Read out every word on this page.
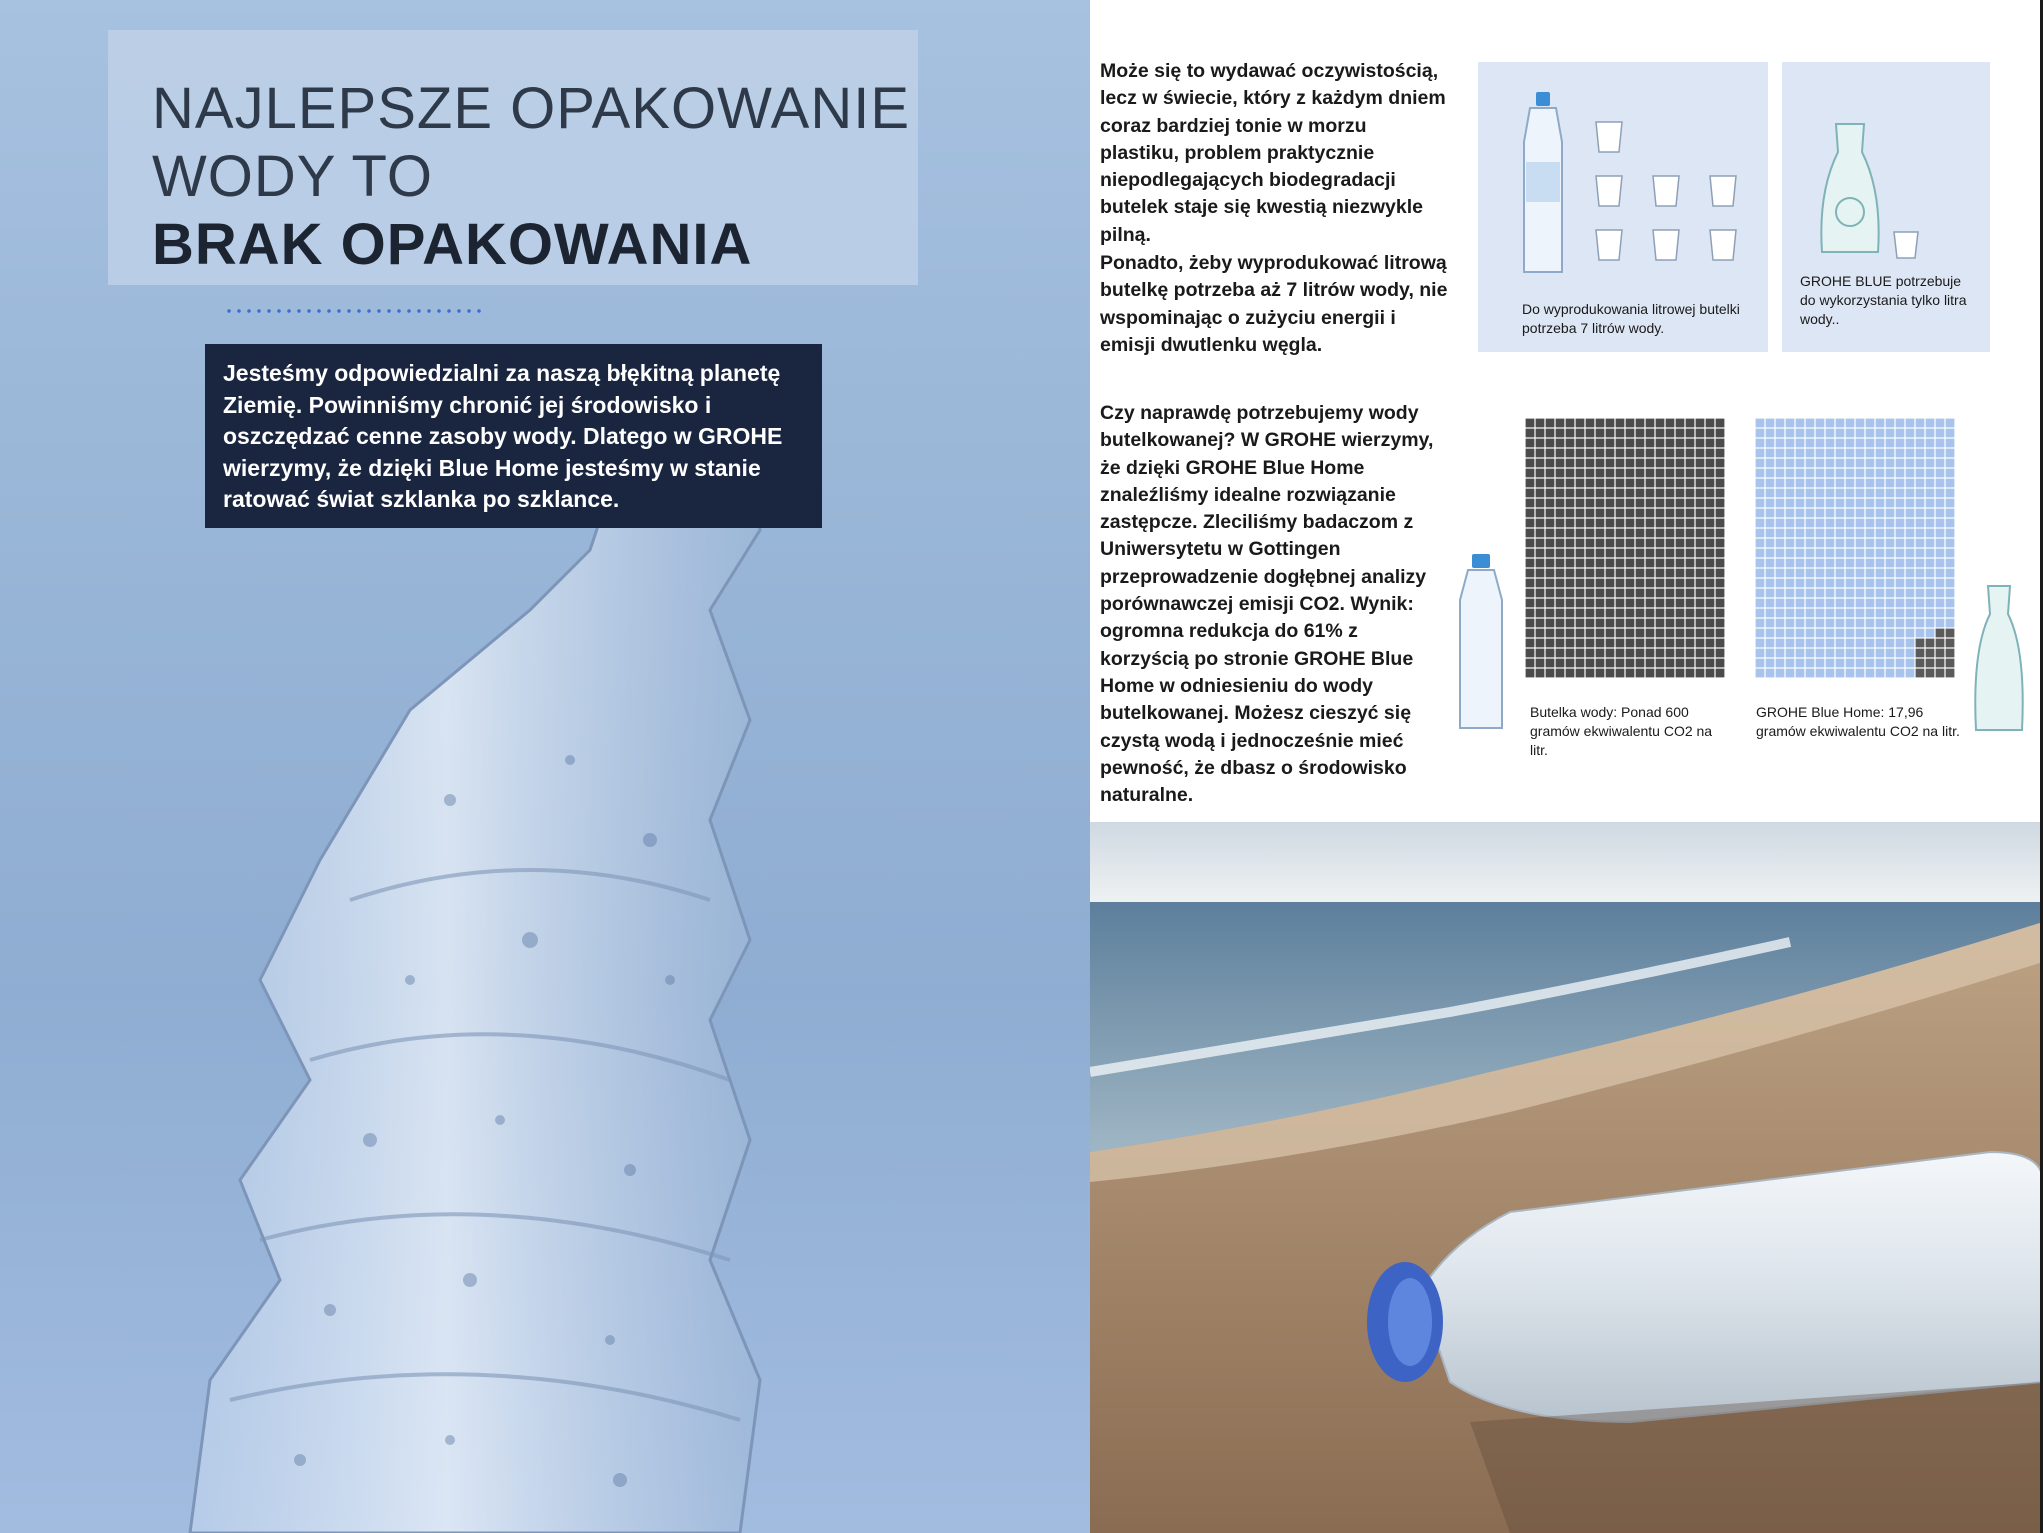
NAJLEPSZE OPAKOWANIE
WODY TO
BRAK OPAKOWANIA

Jesteśmy odpowiedzialni za naszą błękitną planetę Ziemię. Powinniśmy chronić jej środowisko i oszczędzać cenne zasoby wody. Dlatego w GROHE wierzymy, że dzięki Blue Home jesteśmy w stanie ratować świat szklanka po szklance.

Może się to wydawać oczywistością, lecz w świecie, który z każdym dniem coraz bardziej tonie w morzu plastiku, problem praktycznie niepodlegających biodegradacji butelek staje się kwestią niezwykle pilną.

Ponadto, żeby wyprodukować litrową butelkę potrzeba aż 7 litrów wody, nie wspominając o zużyciu energii i emisji dwutlenku węgla.

Do wyprodukowania litrowej butelki potrzeba 7 litrów wody.

GROHE BLUE potrzebuje do wykorzystania tylko litra wody..

Czy naprawdę potrzebujemy wody butelkowanej? W GROHE wierzymy, że dzięki GROHE Blue Home znaleźliśmy idealne rozwiązanie zastępcze. Zleciliśmy badaczom z Uniwersytetu w Gottingen przeprowadzenie dogłębnej analizy porównawczej emisji CO2. Wynik: ogromna redukcja do 61% z korzyścią po stronie GROHE Blue Home w odniesieniu do wody butelkowanej. Możesz cieszyć się czystą wodą i jednocześnie mieć pewność, że dbasz o środowisko naturalne.

Butelka wody: Ponad 600 gramów ekwiwalentu CO2 na litr.

GROHE Blue Home: 17,96 gramów ekwiwalentu CO2 na litr.
